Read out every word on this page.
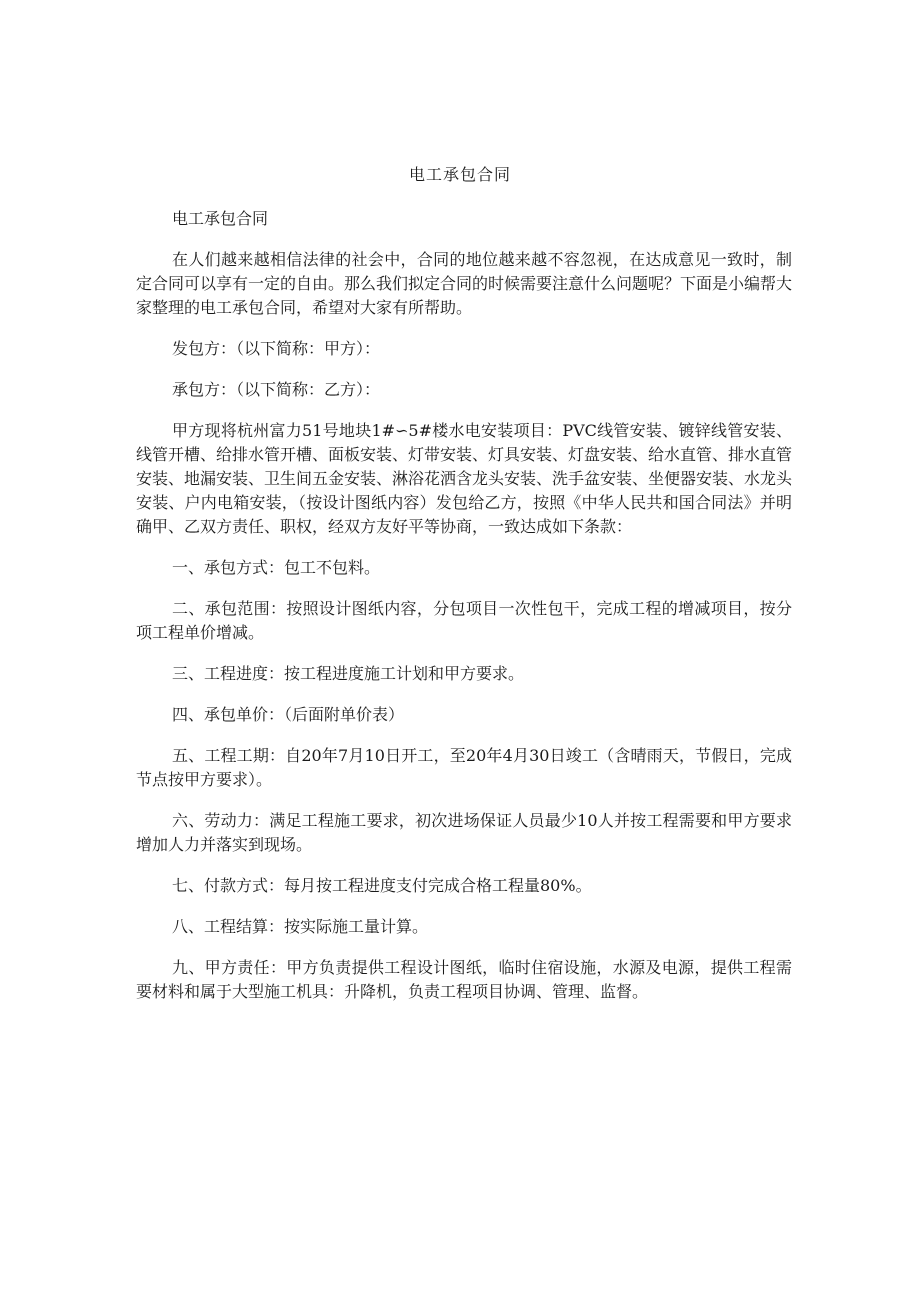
电工承包合同

电工承包合同

在人们越来越相信法律的社会中，合同的地位越来越不容忽视，在达成意见一致时，制定合同可以享有一定的自由。那么我们拟定合同的时候需要注意什么问题呢？下面是小编帮大家整理的电工承包合同，希望对大家有所帮助。

发包方：（以下简称：甲方）：

承包方：（以下简称：乙方）：

甲方现将杭州富力51号地块1#∽5#楼水电安装项目：PVC线管安装、镀锌线管安装、线管开槽、给排水管开槽、面板安装、灯带安装、灯具安装、灯盘安装、给水直管、排水直管安装、地漏安装、卫生间五金安装、淋浴花洒含龙头安装、洗手盆安装、坐便器安装、水龙头安装、户内电箱安装，（按设计图纸内容）发包给乙方，按照《中华人民共和国合同法》并明确甲、乙双方责任、职权，经双方友好平等协商，一致达成如下条款：

一、承包方式：包工不包料。

二、承包范围：按照设计图纸内容，分包项目一次性包干，完成工程的增减项目，按分项工程单价增减。

三、工程进度：按工程进度施工计划和甲方要求。

四、承包单价：（后面附单价表）

五、工程工期：自20年7月10日开工，至20年4月30日竣工（含晴雨天，节假日，完成节点按甲方要求）。

六、劳动力：满足工程施工要求，初次进场保证人员最少10人并按工程需要和甲方要求增加人力并落实到现场。

七、付款方式：每月按工程进度支付完成合格工程量80%。

八、工程结算：按实际施工量计算。

九、甲方责任：甲方负责提供工程设计图纸，临时住宿设施，水源及电源，提供工程需要材料和属于大型施工机具：升降机，负责工程项目协调、管理、监督。
